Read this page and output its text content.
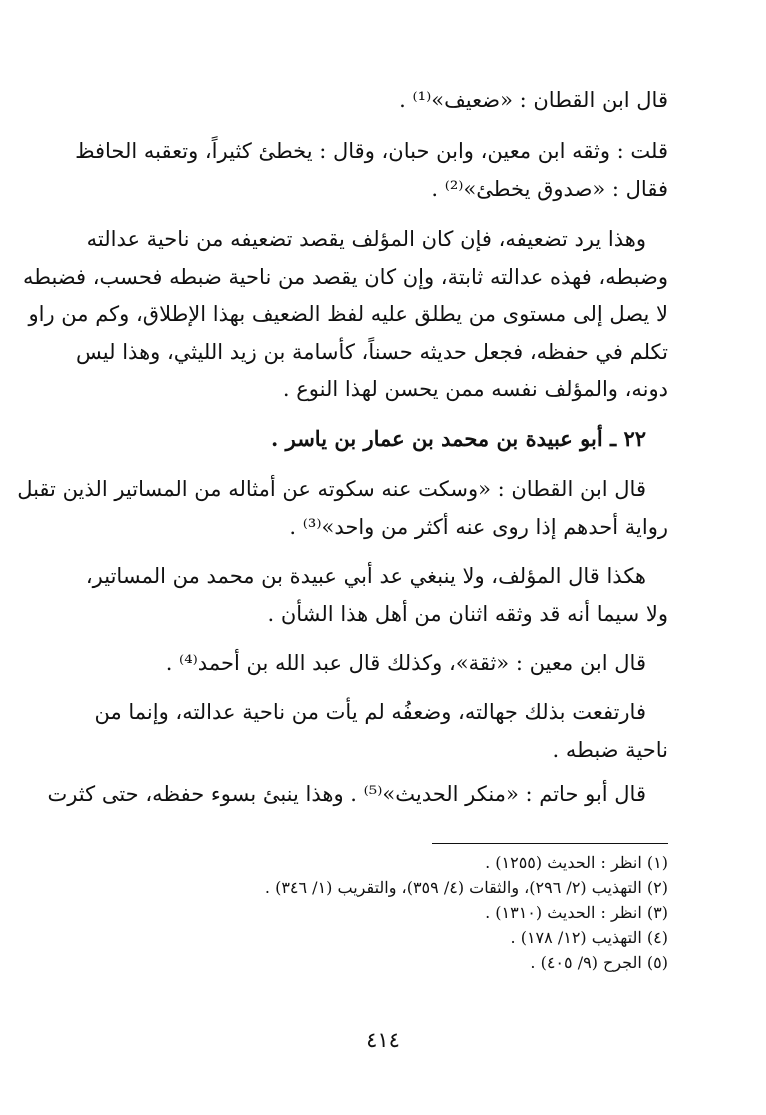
قال ابن القطان : «ضعيف»⁽¹⁾ .
قلت : وثقه ابن معين، وابن حبان، وقال : يخطئ كثيراً، وتعقبه الحافظ
فقال : «صدوق يخطئ»⁽²⁾ .
وهذا يرد تضعيفه، فإن كان المؤلف يقصد تضعيفه من ناحية عدالته
وضبطه، فهذه عدالته ثابتة، وإن كان يقصد من ناحية ضبطه فحسب، فضبطه
لا يصل إلى مستوى من يطلق عليه لفظ الضعيف بهذا الإطلاق، وكم من راو
تكلم في حفظه، فجعل حديثه حسناً، كأسامة بن زيد الليثي، وهذا ليس
دونه، والمؤلف نفسه ممن يحسن لهذا النوع .
٢٢ ـ أبو عبيدة بن محمد بن عمار بن ياسر .
قال ابن القطان : «وسكت عنه سكوته عن أمثاله من المساتير الذين تقبل
رواية أحدهم إذا روى عنه أكثر من واحد»⁽³⁾ .
هكذا قال المؤلف، ولا ينبغي عد أبي عبيدة بن محمد من المساتير،
ولا سيما أنه قد وثقه اثنان من أهل هذا الشأن .
قال ابن معين : «ثقة»، وكذلك قال عبد الله بن أحمد⁽⁴⁾ .
فارتفعت بذلك جهالته، وضعفُه لم يأت من ناحية عدالته، وإنما من
ناحية ضبطه .
قال أبو حاتم : «منكر الحديث»⁽⁵⁾ . وهذا ينبئ بسوء حفظه، حتى كثرت
(١) انظر : الحديث (١٢٥٥) .
(٢) التهذيب (٢/ ٢٩٦)، والثقات (٤/ ٣٥٩)، والتقريب (١/ ٣٤٦) .
(٣) انظر : الحديث (١٣١٠) .
(٤) التهذيب (١٢/ ١٧٨) .
(٥) الجرح (٩/ ٤٠٥) .
٤١٤
